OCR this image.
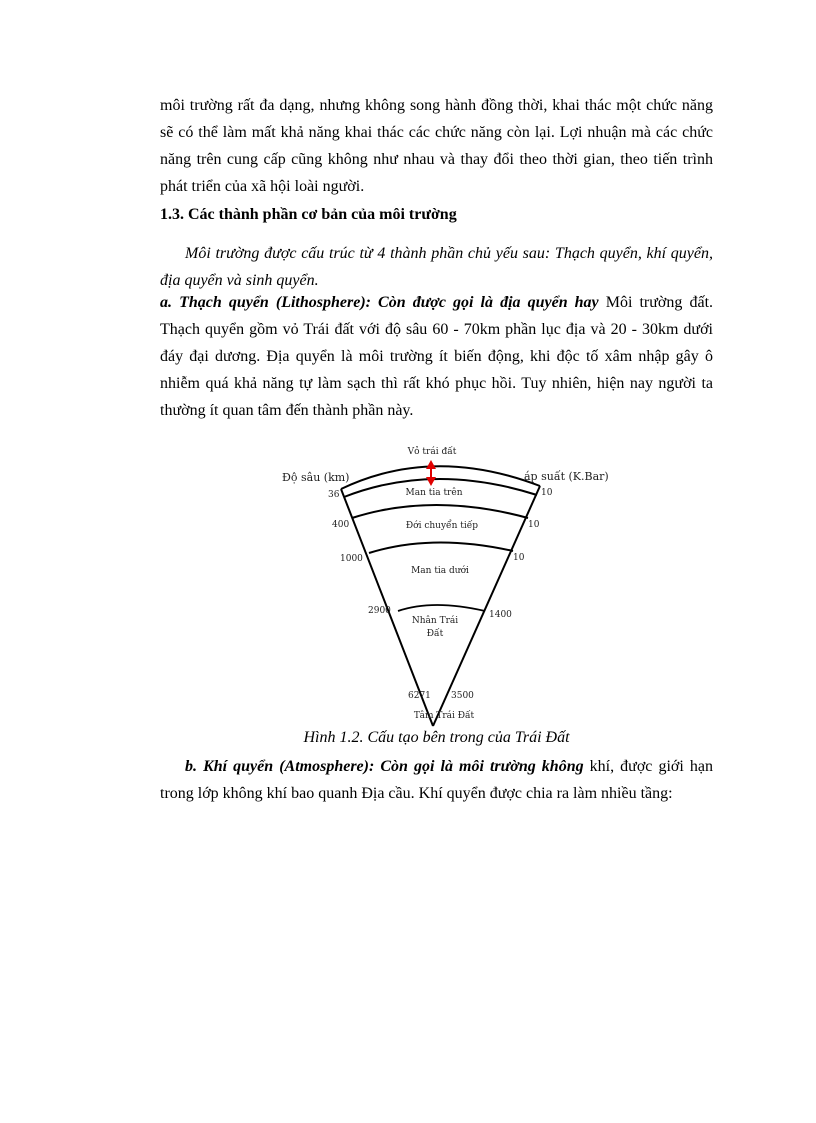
môi trường rất đa dạng, nhưng không song hành đồng thời, khai thác một chức năng sẽ có thể làm mất khả năng khai thác các chức năng còn lại. Lợi nhuận mà các chức năng trên cung cấp cũng không như nhau và thay đổi theo thời gian, theo tiến trình phát triển của xã hội loài người.

1.3. Các thành phần cơ bản của môi trường

Môi trường được cấu trúc từ 4 thành phần chủ yếu sau: Thạch quyển, khí quyển, địa quyển và sinh quyển.

a. Thạch quyển (Lithosphere): Còn được gọi là địa quyển hay Môi trường đất. Thạch quyển gồm vỏ Trái đất với độ sâu 60 - 70km phần lục địa và 20 - 30km dưới đáy đại dương. Địa quyển là môi trường ít biến động, khi độc tố xâm nhập gây ô nhiễm quá khả năng tự làm sạch thì rất khó phục hồi. Tuy nhiên, hiện nay người ta thường ít quan tâm đến thành phần này.

Vỏ trái đất
Độ sâu (km)	áp suất (K.Bar)
Man tia trên
Đới chuyển tiếp
Man tia dưới
Nhân Trái
Đất
36
400
1000
2900
6271
10
10
10
1400
3500
Tâm Trái Đất
Hình 1.2. Cấu tạo bên trong của Trái Đất

b. Khí quyển (Atmosphere): Còn gọi là môi trường không khí, được giới hạn trong lớp không khí bao quanh Địa cầu. Khí quyển được chia ra làm nhiều tầng:
